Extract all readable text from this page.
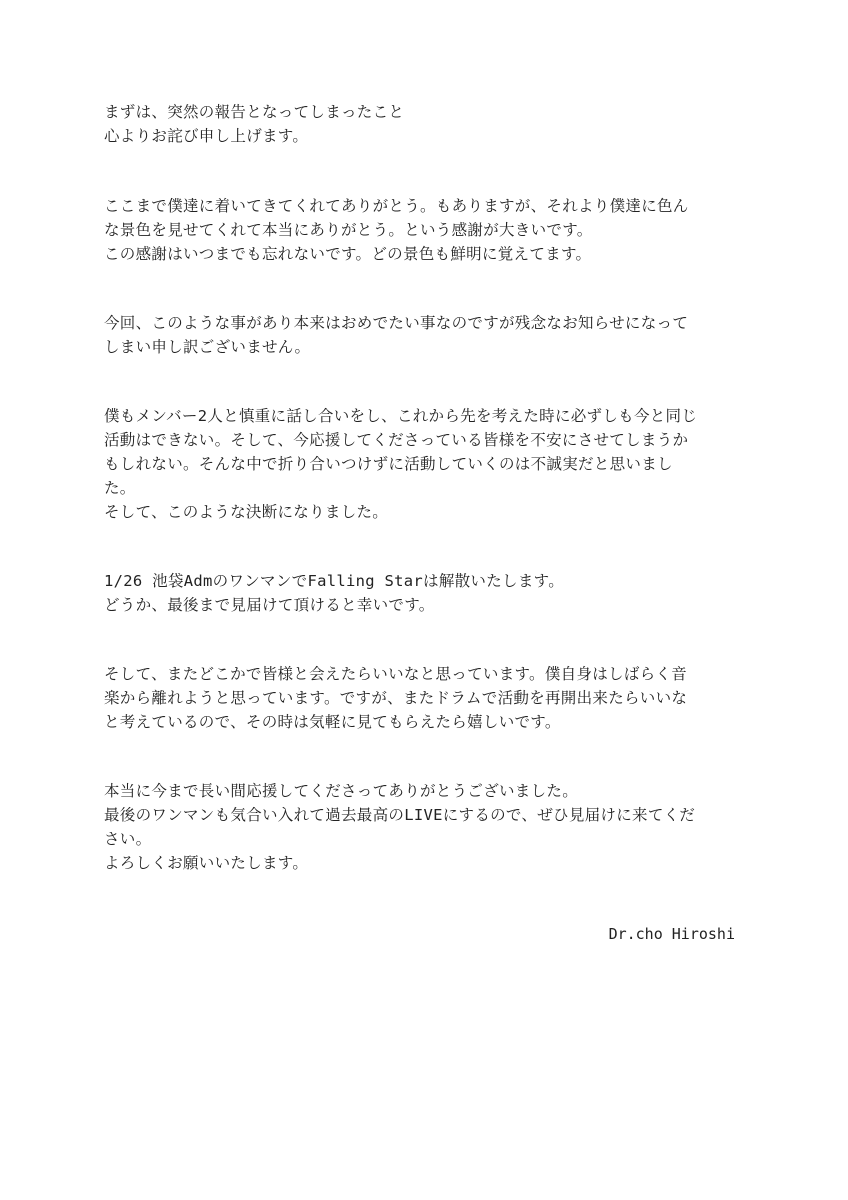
まずは、突然の報告となってしまったこと
心よりお詫び申し上げます。

ここまで僕達に着いてきてくれてありがとう。もありますが、それより僕達に色ん
な景色を見せてくれて本当にありがとう。という感謝が大きいです。
この感謝はいつまでも忘れないです。どの景色も鮮明に覚えてます。

今回、このような事があり本来はおめでたい事なのですが残念なお知らせになって
しまい申し訳ございません。

僕もメンバー2人と慎重に話し合いをし、これから先を考えた時に必ずしも今と同じ
活動はできない。そして、今応援してくださっている皆様を不安にさせてしまうか
もしれない。そんな中で折り合いつけずに活動していくのは不誠実だと思いまし
た。
そして、このような決断になりました。

1/26 池袋AdmのワンマンでFalling Starは解散いたします。
どうか、最後まで見届けて頂けると幸いです。

そして、またどこかで皆様と会えたらいいなと思っています。僕自身はしばらく音
楽から離れようと思っています。ですが、またドラムで活動を再開出来たらいいな
と考えているので、その時は気軽に見てもらえたら嬉しいです。

本当に今まで長い間応援してくださってありがとうございました。
最後のワンマンも気合い入れて過去最高のLIVEにするので、ぜひ見届けに来てくだ
さい。
よろしくお願いいたします。

Dr.cho Hiroshi
